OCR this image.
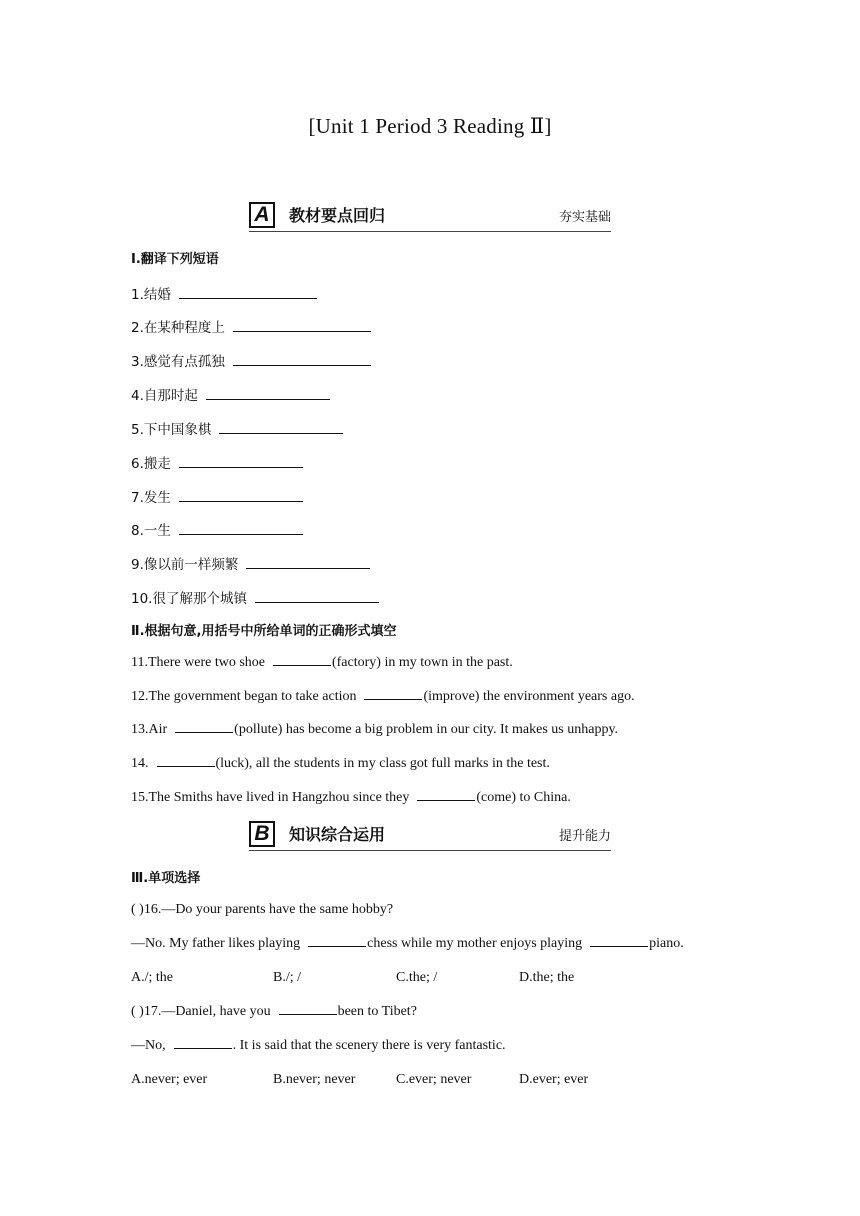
[Unit 1 Period 3 Reading Ⅱ]
A	教材要点回归	夯实基础
Ⅰ.翻译下列短语
1.结婚
2.在某种程度上
3.感觉有点孤独
4.自那时起
5.下中国象棋
6.搬走
7.发生
8.一生
9.像以前一样频繁
10.很了解那个城镇
Ⅱ.根据句意,用括号中所给单词的正确形式填空
11.There were two shoe	(factory) in my town in the past.
12.The government began to take action	(improve) the environment years ago.
13.Air	(pollute) has become a big problem in our city. It makes us unhappy.
14.	(luck), all the students in my class got full marks in the test.
15.The Smiths have lived in Hangzhou since they	(come) to China.
B	知识综合运用	提升能力
Ⅲ.单项选择
( )16.—Do your parents have the same hobby?
—No. My father likes playing	chess while my mother enjoys playing	piano.
A./; the	B./; /	C.the; /	D.the; the
( )17.—Daniel, have you	been to Tibet?
—No,	. It is said that the scenery there is very fantastic.
A.never; ever	B.never; never	C.ever; never	D.ever; ever
